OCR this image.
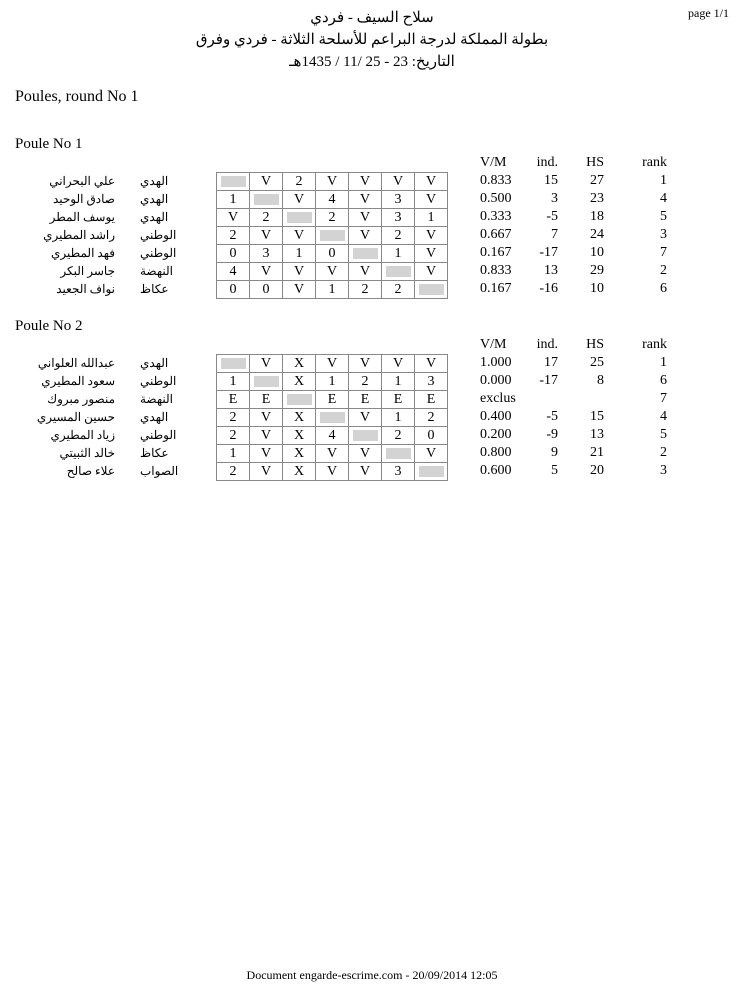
page 1/1
سلاح السيف - فردي
بطولة المملكة لدرجة البراعم للأسلحة الثلاثة - فردي وفرق
التاريخ: 23 - 25 /11 / 1435هـ
Poules, round No 1
Poule No 1
V/M	ind.	HS	rank
علي البحراني الهدي	0.833	15	27	1
صادق الوحيد الهدي	0.500	3	23	4
يوسف المطر الهدي	0.333	-5	18	5
راشد المطيري الوطني	0.667	7	24	3
فهد المطيري الوطني	0.167	-17	10	7
جاسر البكر النهضة	0.833	13	29	2
نواف الجعيد عكاظ	0.167	-16	10	6
	V	2	V	V	V	V
1		V	4	V	3	V
V	2		2	V	3	1
2	V	V		V	2	V
0	3	1	0		1	V
4	V	V	V	V		V
0	0	V	1	2	2	
Poule No 2
V/M	ind.	HS	rank
عبدالله العلواني الهدي	1.000	17	25	1
سعود المطيري الوطني	0.000	-17	8	6
منصور مبروك النهضة	exclus	7
حسين المسيري الهدي	0.400	-5	15	4
زياد المطيري الوطني	0.200	-9	13	5
خالد الثبيتي عكاظ	0.800	9	21	2
علاء صالح الصواب	0.600	5	20	3
	V	X	V	V	V	V
1		X	1	2	1	3
E	E		E	E	E	E
2	V	X		V	1	2
2	V	X	4		2	0
1	V	X	V	V		V
2	V	X	V	V	3	
Document engarde-escrime.com - 20/09/2014 12:05
